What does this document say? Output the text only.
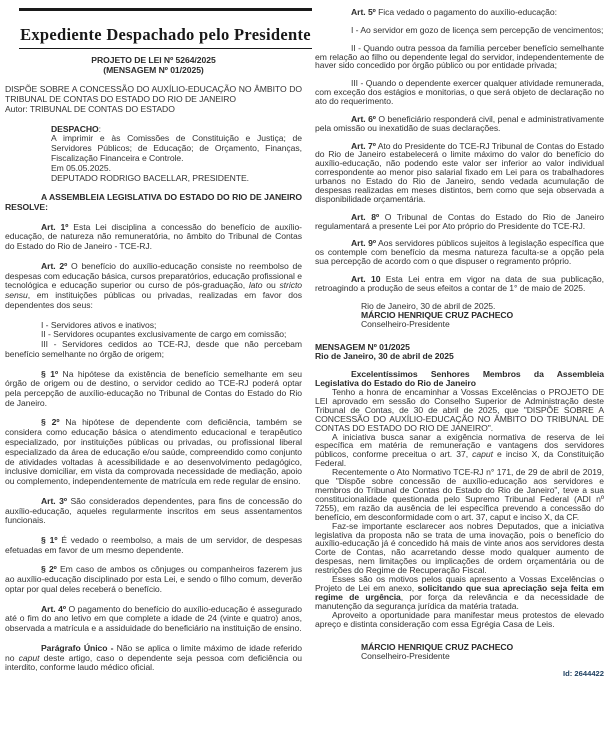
Expediente Despachado pelo Presidente

PROJETO DE LEI Nº 5264/2025

(MENSAGEM Nº 01/2025)

DISPÕE SOBRE A CONCESSÃO DO AUXÍLIO-EDUCAÇÃO NO ÂMBITO DO TRIBUNAL DE CONTAS DO ESTADO DO RIO DE JANEIRO

Autor: TRIBUNAL DE CONTAS DO ESTADO

DESPACHO:

A imprimir e às Comissões de Constituição e Justiça; de Servidores Públicos; de Educação; de Orçamento, Finanças, Fiscalização Financeira e Controle.

Em 05.05.2025.

DEPUTADO RODRIGO BACELLAR, PRESIDENTE.

A ASSEMBLEIA LEGISLATIVA DO ESTADO DO RIO DE JANEIRO RESOLVE:

Art. 1º Esta Lei disciplina a concessão do benefício de auxílio-educação, de natureza não remuneratória, no âmbito do Tribunal de Contas do Estado do Rio de Janeiro - TCE-RJ.

Art. 2º O benefício do auxílio-educação consiste no reembolso de despesas com educação básica, cursos preparatórios, educação profissional e tecnológica e educação superior ou curso de pós-graduação, lato ou stricto sensu, em instituições públicas ou privadas, realizadas em favor dos dependentes dos seus:

I - Servidores ativos e inativos;

II - Servidores ocupantes exclusivamente de cargo em comissão;

III - Servidores cedidos ao TCE-RJ, desde que não percebam benefício semelhante no órgão de origem;

§ 1º Na hipótese da existência de benefício semelhante em seu órgão de origem ou de destino, o servidor cedido ao TCE-RJ poderá optar pela percepção de auxílio-educação no Tribunal de Contas do Estado do Rio de Janeiro.

§ 2º Na hipótese de dependente com deficiência, também se considera como educação básica o atendimento educacional e terapêutico especializado, por instituições públicas ou privadas, ou profissional liberal especializado da área de educação e/ou saúde, compreendido como conjunto de atividades voltadas à acessibilidade e ao desenvolvimento pedagógico, inclusive domiciliar, em vista da comprovada necessidade de mediação, apoio ou complemento, independentemente de matrícula em rede regular de ensino.

Art. 3º São considerados dependentes, para fins de concessão do auxílio-educação, aqueles regularmente inscritos em seus assentamentos funcionais.

§ 1º É vedado o reembolso, a mais de um servidor, de despesas efetuadas em favor de um mesmo dependente.

§ 2º Em caso de ambos os cônjuges ou companheiros fazerem jus ao auxílio-educação disciplinado por esta Lei, e sendo o filho comum, deverão optar por qual deles receberá o benefício.

Art. 4º O pagamento do benefício do auxílio-educação é assegurado até o fim do ano letivo em que complete a idade de 24 (vinte e quatro) anos, observada a matrícula e a assiduidade do beneficiário na instituição de ensino.

Parágrafo Único - Não se aplica o limite máximo de idade referido no caput deste artigo, caso o dependente seja pessoa com deficiência ou interdito, conforme laudo médico oficial.

Art. 5º Fica vedado o pagamento do auxílio-educação:

I - Ao servidor em gozo de licença sem percepção de vencimentos;

II - Quando outra pessoa da família perceber benefício semelhante em relação ao filho ou dependente legal do servidor, independentemente de haver sido concedido por órgão público ou por entidade privada;

III - Quando o dependente exercer qualquer atividade remunerada, com exceção dos estágios e monitorias, o que será objeto de declaração no ato do requerimento.

Art. 6º O beneficiário responderá civil, penal e administrativamente pela omissão ou inexatidão de suas declarações.

Art. 7º Ato do Presidente do TCE-RJ Tribunal de Contas do Estado do Rio de Janeiro estabelecerá o limite máximo do valor do benefício do auxílio-educação, não podendo este valor ser inferior ao valor individual correspondente ao menor piso salarial fixado em Lei para os trabalhadores urbanos no Estado do Rio de Janeiro, sendo vedada acumulação de despesas realizadas em meses distintos, bem como que seja observada a disponibilidade orçamentária.

Art. 8º O Tribunal de Contas do Estado do Rio de Janeiro regulamentará a presente Lei por Ato próprio do Presidente do TCE-RJ.

Art. 9º Aos servidores públicos sujeitos à legislação específica que os contemple com benefício da mesma natureza faculta-se a opção pela sua percepção de acordo com o que dispuser o regramento próprio.

Art. 10 Esta Lei entra em vigor na data de sua publicação, retroagindo a produção de seus efeitos a contar de 1° de maio de 2025.

Rio de Janeiro, 30 de abril de 2025.

MÁRCIO HENRIQUE CRUZ PACHECO

Conselheiro-Presidente

MENSAGEM Nº 01/2025

Rio de Janeiro, 30 de abril de 2025

Excelentíssimos Senhores Membros da Assembleia Legislativa do Estado do Rio de Janeiro

Tenho a honra de encaminhar a Vossas Excelências o PROJETO DE LEI aprovado em sessão do Conselho Superior de Administração deste Tribunal de Contas, de 30 de abril de 2025, que "DISPÕE SOBRE A CONCESSÃO DO AUXÍLIO-EDUCAÇÃO NO ÂMBITO DO TRIBUNAL DE CONTAS DO ESTADO DO RIO DE JANEIRO".

A iniciativa busca sanar a exigência normativa de reserva de lei específica em matéria de remuneração e vantagens dos servidores públicos, conforme preceitua o art. 37, caput e inciso X, da Constituição Federal.

Recentemente o Ato Normativo TCE-RJ n° 171, de 29 de abril de 2019, que "Dispõe sobre concessão de auxílio-educação aos servidores e membros do Tribunal de Contas do Estado do Rio de Janeiro", teve a sua constitucionalidade questionada pelo Supremo Tribunal Federal (ADI nº 7255), em razão da ausência de lei específica prevendo a concessão do benefício, em desconformidade com o art. 37, caput e inciso X, da CF.

Faz-se importante esclarecer aos nobres Deputados, que a iniciativa legislativa da proposta não se trata de uma inovação, pois o benefício do auxílio-educação já é concedido há mais de vinte anos aos servidores desta Corte de Contas, não acarretando desse modo qualquer aumento de despesas, nem limitações ou implicações de ordem orçamentária ou de restrições do Regime de Recuperação Fiscal.

Esses são os motivos pelos quais apresento a Vossas Excelências o Projeto de Lei em anexo, solicitando que sua apreciação seja feita em regime de urgência, por força da relevância e da necessidade de manutenção da segurança jurídica da matéria tratada.

Aproveito a oportunidade para manifestar meus protestos de elevado apreço e distinta consideração com essa Egrégia Casa de Leis.

MÁRCIO HENRIQUE CRUZ PACHECO

Conselheiro-Presidente

Id: 2644422
